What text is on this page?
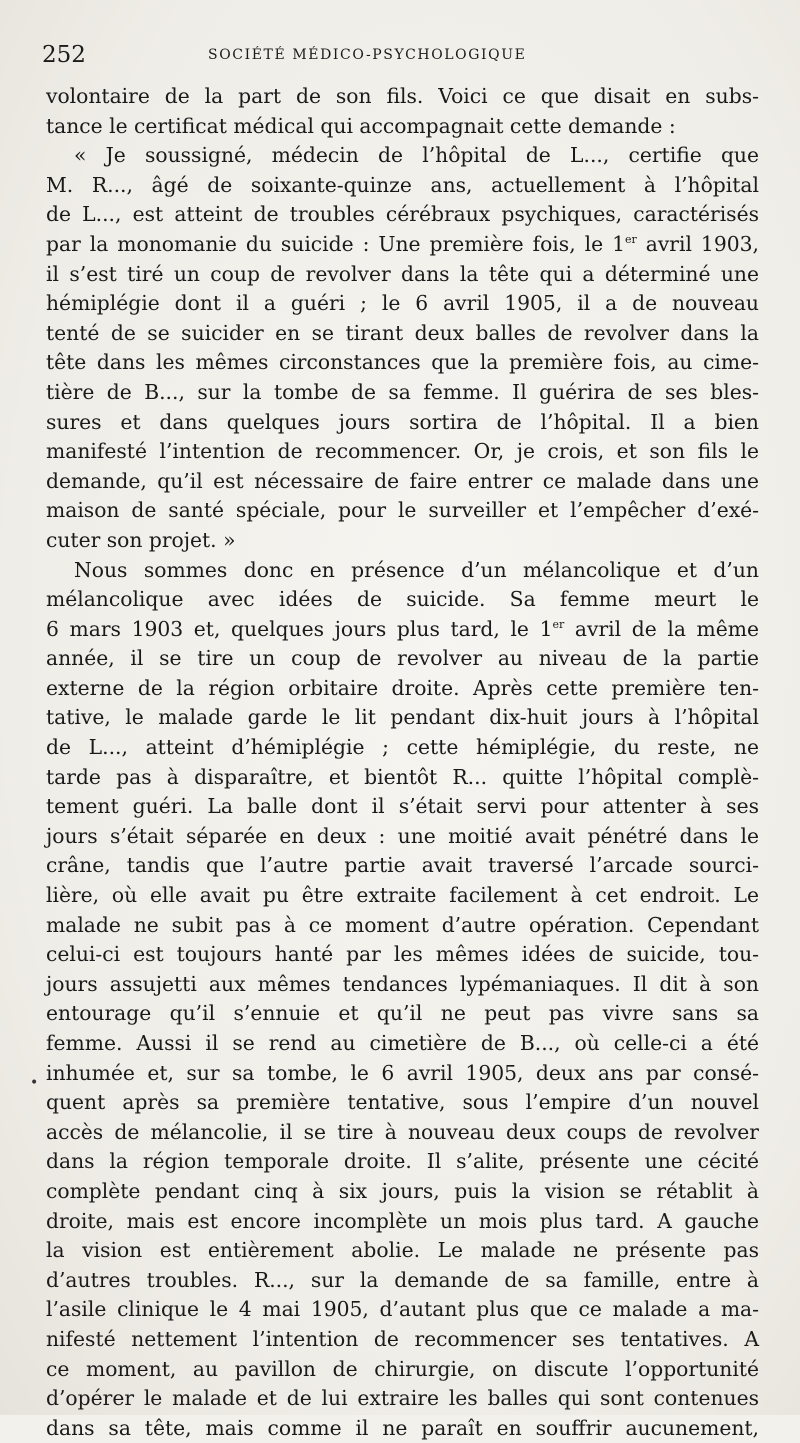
252	SOCIÉTÉ MÉDICO-PSYCHOLOGIQUE
•
volontaire de la part de son fils. Voici ce que disait en subs-
tance le certificat médical qui accompagnait cette demande :
« Je soussigné, médecin de l’hôpital de L..., certifie que
M. R..., âgé de soixante-quinze ans, actuellement à l’hôpital
de L..., est atteint de troubles cérébraux psychiques, caractérisés
par la monomanie du suicide : Une première fois, le 1er avril 1903,
il s’est tiré un coup de revolver dans la tête qui a déterminé une
hémiplégie dont il a guéri ; le 6 avril 1905, il a de nouveau
tenté de se suicider en se tirant deux balles de revolver dans la
tête dans les mêmes circonstances que la première fois, au cime-
tière de B..., sur la tombe de sa femme. Il guérira de ses bles-
sures et dans quelques jours sortira de l’hôpital. Il a bien
manifesté l’intention de recommencer. Or, je crois, et son fils le
demande, qu’il est nécessaire de faire entrer ce malade dans une
maison de santé spéciale, pour le surveiller et l’empêcher d’exé-
cuter son projet. »
Nous sommes donc en présence d’un mélancolique et d’un
mélancolique avec idées de suicide. Sa femme meurt le
6 mars 1903 et, quelques jours plus tard, le 1er avril de la même
année, il se tire un coup de revolver au niveau de la partie
externe de la région orbitaire droite. Après cette première ten-
tative, le malade garde le lit pendant dix-huit jours à l’hôpital
de L..., atteint d’hémiplégie ; cette hémiplégie, du reste, ne
tarde pas à disparaître, et bientôt R... quitte l’hôpital complè-
tement guéri. La balle dont il s’était servi pour attenter à ses
jours s’était séparée en deux : une moitié avait pénétré dans le
crâne, tandis que l’autre partie avait traversé l’arcade sourci-
lière, où elle avait pu être extraite facilement à cet endroit. Le
malade ne subit pas à ce moment d’autre opération. Cependant
celui-ci est toujours hanté par les mêmes idées de suicide, tou-
jours assujetti aux mêmes tendances lypémaniaques. Il dit à son
entourage qu’il s’ennuie et qu’il ne peut pas vivre sans sa
femme. Aussi il se rend au cimetière de B..., où celle-ci a été
inhumée et, sur sa tombe, le 6 avril 1905, deux ans par consé-
quent après sa première tentative, sous l’empire d’un nouvel
accès de mélancolie, il se tire à nouveau deux coups de revolver
dans la région temporale droite. Il s’alite, présente une cécité
complète pendant cinq à six jours, puis la vision se rétablit à
droite, mais est encore incomplète un mois plus tard. A gauche
la vision est entièrement abolie. Le malade ne présente pas
d’autres troubles. R..., sur la demande de sa famille, entre à
l’asile clinique le 4 mai 1905, d’autant plus que ce malade a ma-
nifesté nettement l’intention de recommencer ses tentatives. A
ce moment, au pavillon de chirurgie, on discute l’opportunité
d’opérer le malade et de lui extraire les balles qui sont contenues
dans sa tête, mais comme il ne paraît en souffrir aucunement,
